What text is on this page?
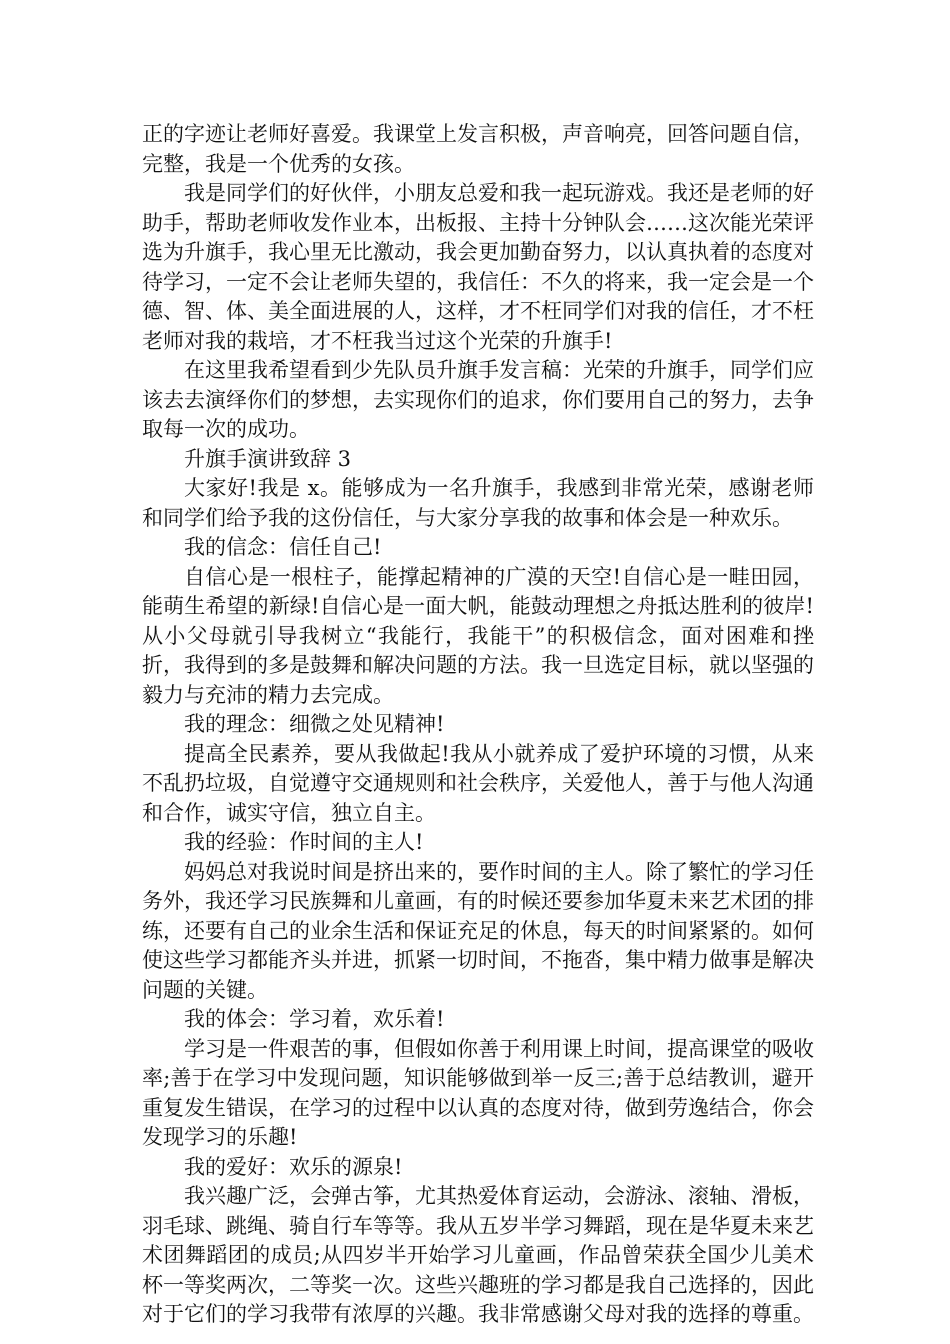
正的字迹让老师好喜爱。我课堂上发言积极，声音响亮，回答问题自信，完整，我是一个优秀的女孩。

我是同学们的好伙伴，小朋友总爱和我一起玩游戏。我还是老师的好助手，帮助老师收发作业本，出板报、主持十分钟队会……这次能光荣评选为升旗手，我心里无比激动，我会更加勤奋努力，以认真执着的态度对待学习，一定不会让老师失望的，我信任：不久的将来，我一定会是一个德、智、体、美全面进展的人，这样，才不枉同学们对我的信任，才不枉老师对我的栽培，才不枉我当过这个光荣的升旗手!

在这里我希望看到少先队员升旗手发言稿：光荣的升旗手，同学们应该去去演绎你们的梦想，去实现你们的追求，你们要用自己的努力，去争取每一次的成功。

升旗手演讲致辞 3

大家好!我是 x。能够成为一名升旗手，我感到非常光荣，感谢老师和同学们给予我的这份信任，与大家分享我的故事和体会是一种欢乐。

我的信念：信任自己!

自信心是一根柱子，能撑起精神的广漠的天空!自信心是一畦田园，能萌生希望的新绿!自信心是一面大帆，能鼓动理想之舟抵达胜利的彼岸!从小父母就引导我树立“我能行，我能干”的积极信念，面对困难和挫折，我得到的多是鼓舞和解决问题的方法。我一旦选定目标，就以坚强的毅力与充沛的精力去完成。

我的理念：细微之处见精神!

提高全民素养，要从我做起!我从小就养成了爱护环境的习惯，从来不乱扔垃圾，自觉遵守交通规则和社会秩序，关爱他人，善于与他人沟通和合作，诚实守信，独立自主。

我的经验：作时间的主人!

妈妈总对我说时间是挤出来的，要作时间的主人。除了繁忙的学习任务外，我还学习民族舞和儿童画，有的时候还要参加华夏未来艺术团的排练，还要有自己的业余生活和保证充足的休息，每天的时间紧紧的。如何使这些学习都能齐头并进，抓紧一切时间，不拖沓，集中精力做事是解决问题的关键。

我的体会：学习着，欢乐着!

学习是一件艰苦的事，但假如你善于利用课上时间，提高课堂的吸收率;善于在学习中发现问题，知识能够做到举一反三;善于总结教训，避开重复发生错误，在学习的过程中以认真的态度对待，做到劳逸结合，你会发现学习的乐趣!

我的爱好：欢乐的源泉!

我兴趣广泛，会弹古筝，尤其热爱体育运动，会游泳、滚轴、滑板，羽毛球、跳绳、骑自行车等等。我从五岁半学习舞蹈，现在是华夏未来艺术团舞蹈团的成员;从四岁半开始学习儿童画，作品曾荣获全国少儿美术杯一等奖两次，二等奖一次。这些兴趣班的学习都是我自己选择的，因此对于它们的学习我带有浓厚的兴趣。我非常感谢父母对我的选择的尊重。
